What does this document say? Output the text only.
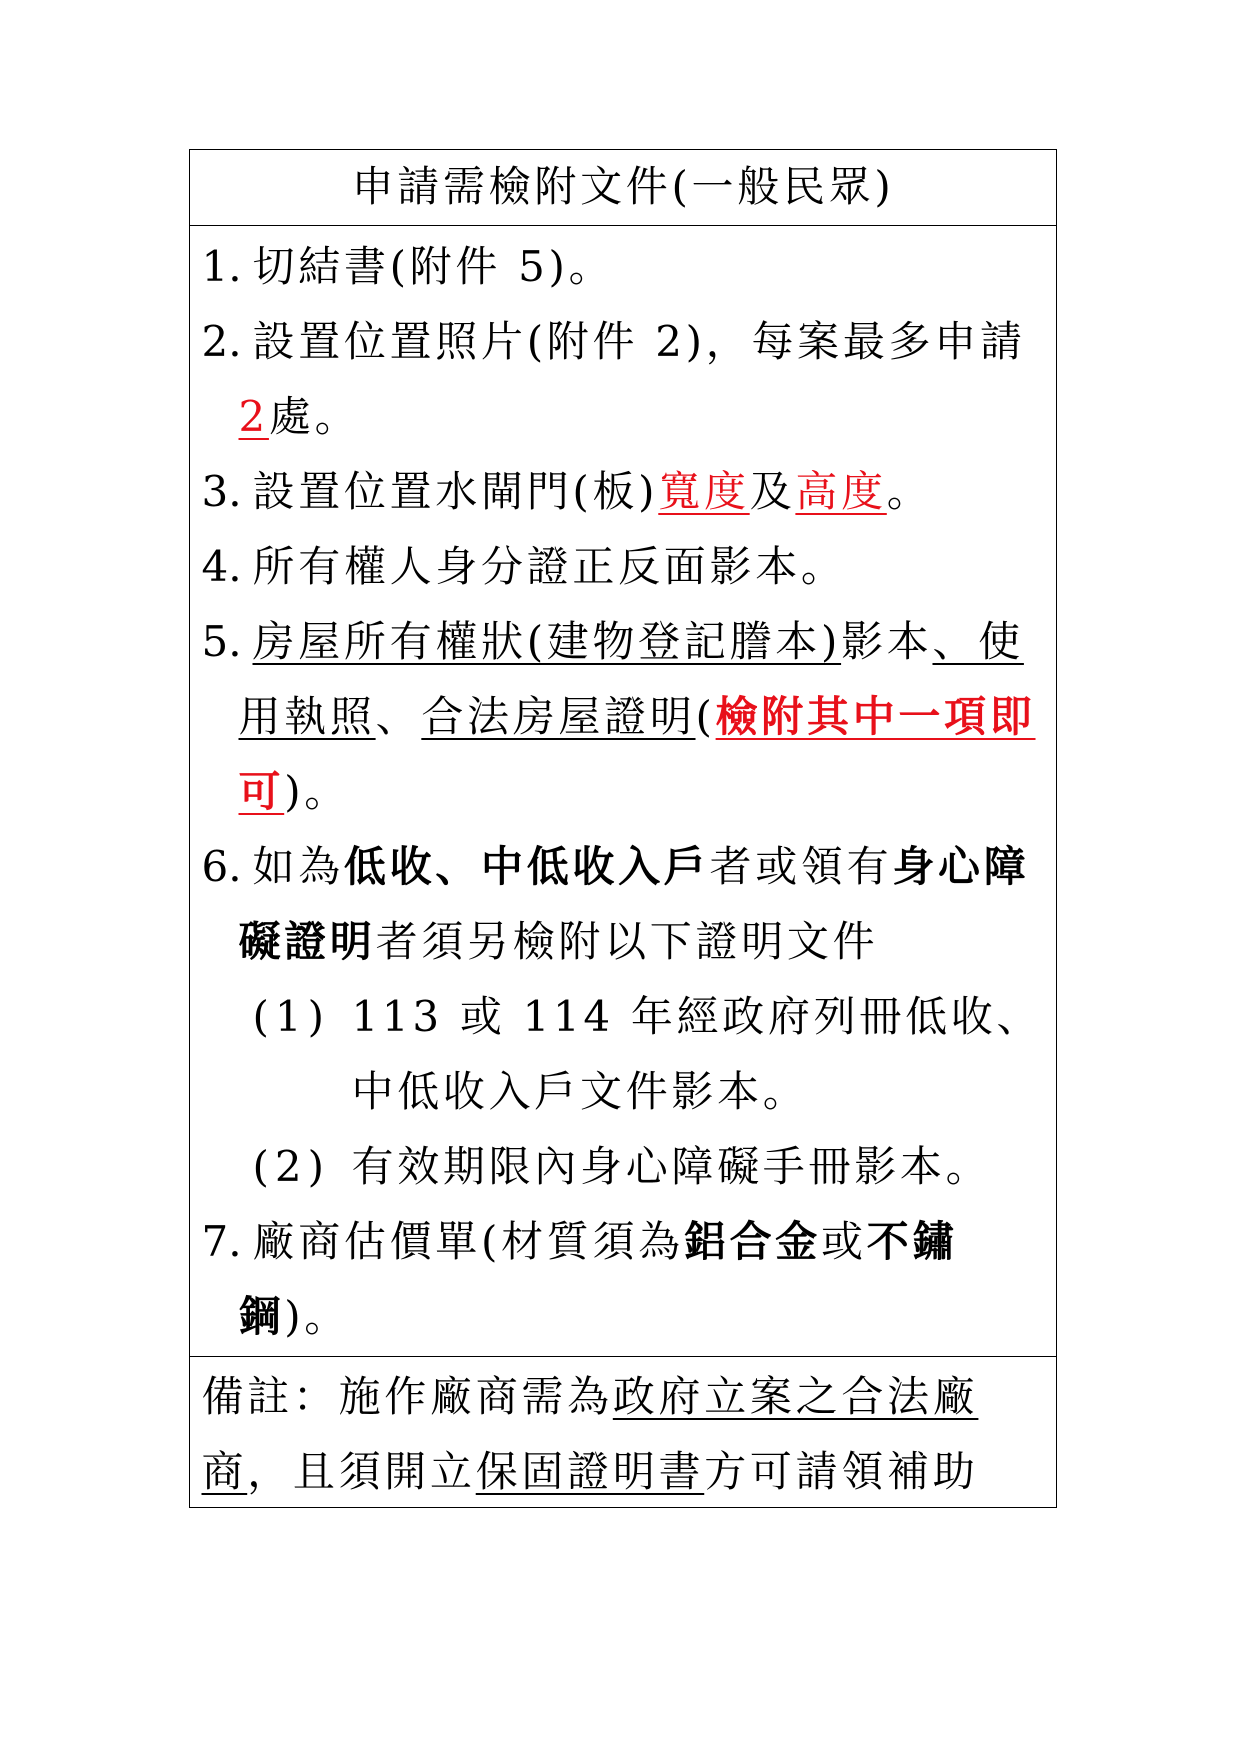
申請需檢附文件(一般民眾)
1. 切結書(附件 5)。
2. 設置位置照片(附件 2)，每案最多申請
2處。
3. 設置位置水閘門(板)寬度及高度。
4. 所有權人身分證正反面影本。
5. 房屋所有權狀(建物登記謄本)影本、使
用執照、合法房屋證明(檢附其中一項即
可)。
6. 如為低收、中低收入戶者或領有身心障
礙證明者須另檢附以下證明文件
(1) 113 或 114 年經政府列冊低收、
中低收入戶文件影本。
(2) 有效期限內身心障礙手冊影本。
7. 廠商估價單(材質須為鋁合金或不鏽
鋼)。
備註：施作廠商需為政府立案之合法廠
商，且須開立保固證明書方可請領補助
